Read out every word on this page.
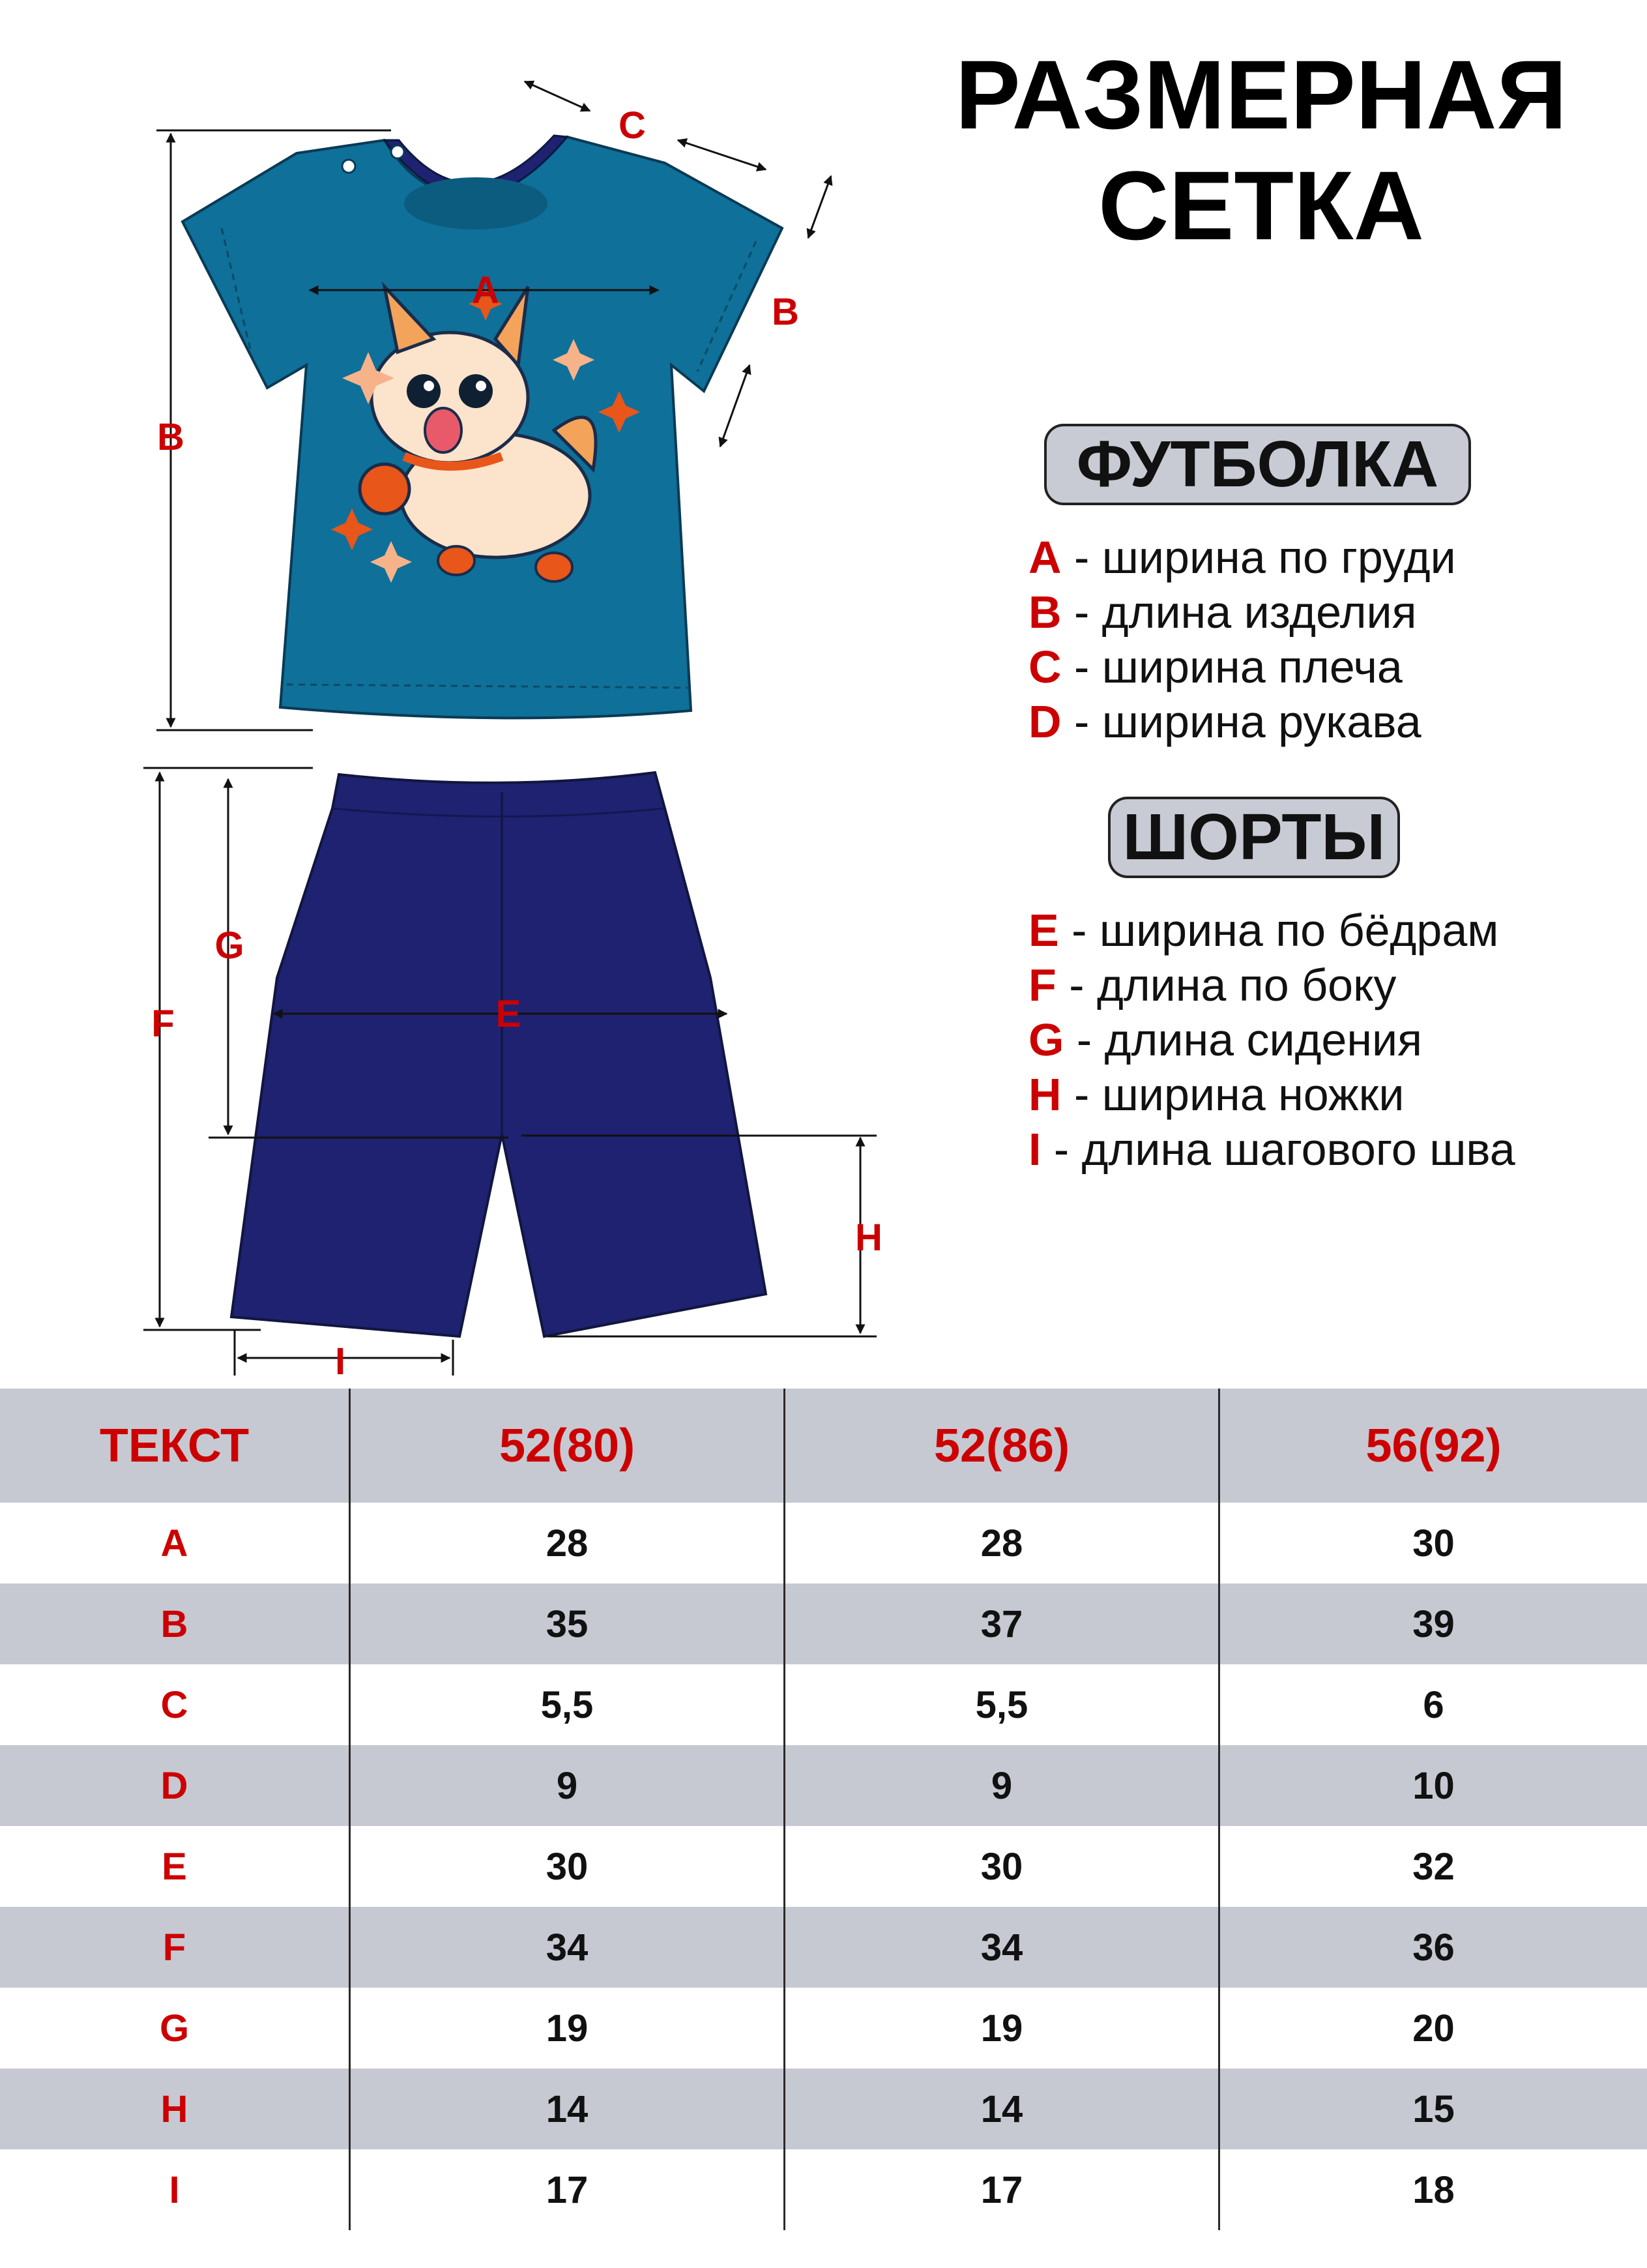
A
B
C
B
E
F
G
H
I
РАЗМЕРНАЯ
СЕТКА
ФУТБОЛКА
A - ширина по груди
B - длина изделия
C - ширина плеча
D - ширина рукава
ШОРТЫ
E - ширина по бёдрам
F - длина по боку
G - длина сидения
H - ширина ножки
I - длина шагового шва
ТЕКСТ	52(80)	52(86)	56(92)
A	28	28	30
B	35	37	39
C	5,5	5,5	6
D	9	9	10
E	30	30	32
F	34	34	36
G	19	19	20
H	14	14	15
I	17	17	18
